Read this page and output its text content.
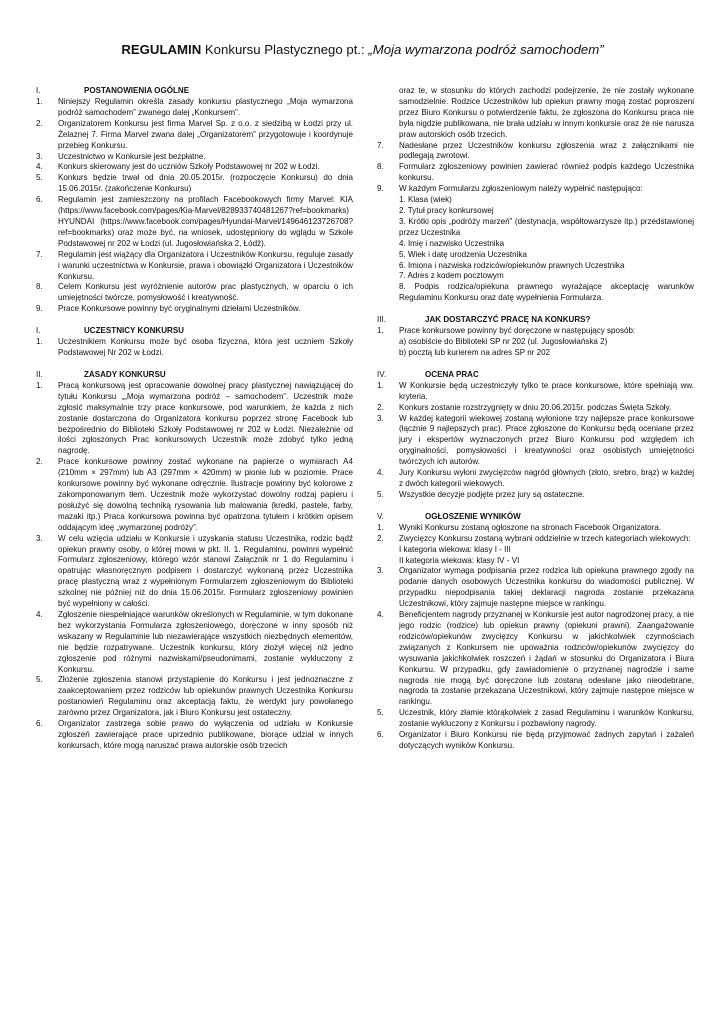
REGULAMIN Konkursu Plastycznego pt.: „Moja wymarzona podróż samochodem”
I.	POSTANOWIENIA OGÓLNE
1. Niniejszy Regulamin określa zasady konkursu plastycznego „Moja wymarzona podróż samochodem” zwanego dalej „Konkursem”.
2. Organizatorem Konkursu jest firma Marvel Sp. z o.o. z siedzibą w Łodzi przy ul. Żelaznej 7. Firma Marvel zwana dalej „Organizatorem” przygotowuje i koordynuje przebieg Konkursu.
3. Uczestnictwo w Konkursie jest bezpłatne.
4. Konkurs skierowany jest do uczniów Szkoły Podstawowej nr 202 w Łodzi.
5. Konkurs będzie trwał od dnia 20.05.2015r. (rozpoczęcie Konkursu) do dnia 15.06.2015r. (zakończenie Konkursu)
6. Regulamin jest zamieszczony na profilach Facebookowych firmy Marvel: KIA (https://www.facebook.com/pages/Kia-Marvel/828933740481267?ref=bookmarks) HYUNDAI (https://www.facebook.com/pages/Hyundai-Marvel/149646123726708?ref=bookmarks) oraz może być, na wniosek, udostępniony do wglądu w Szkole Podstawowej nr 202 w Łodzi (ul. Jugosłowiańska 2, Łódź).
7. Regulamin jest wiążący dla Organizatora i Uczestników Konkursu, reguluje zasady i warunki uczestnictwa w Konkursie, prawa i obowiązki Organizatora i Uczestników Konkursu.
8. Celem Konkursu jest wyróżnienie autorów prac plastycznych, w oparciu o ich umiejętności twórcze, pomysłowość i kreatywność.
9. Prace Konkursowe powinny być oryginalnymi dziełami Uczestników.
I.	UCZESTNICY KONKURSU
1. Uczestnikiem Konkursu może być osoba fizyczna, która jest uczniem Szkoły Podstawowej Nr 202 w Łodzi.
II.	ZASADY KONKURSU
1. Pracą konkursową jest opracowanie dowolnej pracy plastycznej nawiązującej do tytułu Konkursu „„Moja wymarzona podróż – samochodem”. Uczestnik może zgłosić maksymalnie trzy prace konkursowe, pod warunkiem, że każda z nich zostanie dostarczona do Organizatora konkursu poprzez stronę Facebook lub bezpośrednio do Biblioteki Szkoły Podstawowej nr 202 w Łodzi. Niezależnie od ilości zgłoszonych Prac konkursowych Uczestnik może zdobyć tylko jedną nagrodę.
2. Prace konkursowe powinny zostać wykonane na papierze o wymiarach A4 (210mm × 297mm) lub A3 (297mm × 420mm) w pionie lub w poziomie. Prace konkursowe powinny być wykonane odręcznie. Ilustracje powinny być kolorowe z zakomponowanym tłem. Uczestnik może wykorzystać dowolny rodzaj papieru i posłużyć się dowolną techniką rysowania lub malowania (kredki, pastele, farby, mazaki itp.) Praca konkursowa powinna być opatrzona tytułem i krótkim opisem oddającym ideę „wymarzonej podróży”.
3. W celu wzięcia udziału w Konkursie i uzyskania statusu Uczestnika, rodzic bądź opiekun prawny osoby, o której mowa w pkt. II. 1. Regulaminu, powinni wypełnić Formularz zgłoszeniowy, którego wzór stanowi Załącznik nr 1 do Regulaminu i opatrując własnoręcznym podpisem i dostarczyć wykonaną przez Uczestnika pracę plastyczną wraz z wypełnionym Formularzem zgłoszeniowym do Biblioteki szkolnej nie później niż do dnia 15.06.2015r. Formularz zgłoszeniowy powinien być wypełniony w całości.
4. Zgłoszenie niespełniające warunków określonych w Regulaminie, w tym dokonane bez wykorzystania Formularza zgłoszeniowego, doręczone w inny sposób niż wskazany w Regulaminie lub niezawierające wszystkich niezbędnych elementów, nie będzie rozpatrywane. Uczestnik konkursu, który złożył więcej niż jedno zgłoszenie pod różnymi nazwiskami/pseudonimami, zostanie wykluczony z Konkursu.
5. Złożenie zgłoszenia stanowi przystąpienie do Konkursu i jest jednoznaczne z zaakceptowaniem przez rodziców lub opiekunów prawnych Uczestnika Konkursu postanowień Regulaminu oraz akceptacją faktu, że werdykt jury powołanego zarówno przez Organizatora, jak i Biuro Konkursu jest ostateczny.
6. Organizator zastrzega sobie prawo do wyłączenia od udziału w Konkursie zgłoszeń zawierające prace uprzednio publikowane, biorące udział w innych konkursach, które mogą naruszać prawa autorskie osób trzecich
oraz te, w stosunku do których zachodzi podejrzenie, że nie zostały wykonane samodzielnie. Rodzice Uczestników lub opiekun prawny mogą zostać poproszeni przez Biuro Konkursu o potwierdzenie faktu, że zgłoszona do Konkursu praca nie była nigdzie publikowana, nie brała udziału w innym konkursie oraz że nie narusza praw autorskich osób trzecich.
7. Nadesłane przez Uczestników konkursu zgłoszenia wraz z załącznikami nie podlegają zwrotowi.
8. Formularz zgłoszeniowy powinien zawierać również podpis każdego Uczestnika konkursu.
9. W każdym Formularzu zgłoszeniowym należy wypełnić następująco:
1. Klasa (wiek)
2. Tytuł pracy konkursowej
3. Krótki opis „podróży marzeń” (destynacja, współtowarzysze itp.) przedstawionej przez Uczestnika
4. Imię i nazwisko Uczestnika
5. Wiek i datę urodzenia Uczestnika
6. Imiona i nazwiska rodziców/opiekunów prawnych Uczestnika
7. Adres z kodem pocztowym
8. Podpis rodzica/opiekuna prawnego wyrażające akceptację warunków Regulaminu Konkursu oraz datę wypełnienia Formularza.
III.	JAK DOSTARCZYĆ PRACĘ NA KONKURS?
1. Prace konkursowe powinny być doręczone w następujący sposób:
a) osobiście do Biblioteki SP nr 202 (ul. Jugosłowiańska 2)
b) pocztą lub kurierem na adres SP nr 202
IV.	OCENA PRAC
1. W Konkursie będą uczestniczyły tylko te prace konkursowe, które spełniają ww. kryteria.
2. Konkurs zostanie rozstrzygnięty w dniu 20.06.2015r. podczas Święta Szkoły.
3. W każdej kategorii wiekowej zostaną wyłonione trzy najlepsze prace konkursowe (łącznie 9 najlepszych prac). Prace zgłoszone do Konkursu będą oceniane przez jury i ekspertów wyznaczonych przez Biuro Konkursu pod względem ich oryginalności, pomysłowości i kreatywności oraz osobistych umiejętności twórczych ich autorów.
4. Jury Konkursu wyłoni zwycięzców nagród głównych (złoto, srebro, brąz) w każdej z dwóch kategorii wiekowych.
5. Wszystkie decyzje podjęte przez jury są ostateczne.
V.	OGŁOSZENIE WYNIKÓW
1. Wyniki Konkursu zostaną ogłoszone na stronach Facebook Organizatora.
2. Zwycięzcy Konkursu zostaną wybrani oddzielnie w trzech kategoriach wiekowych:
I kategoria wiekowa: klasy I - III
II kategoria wiekowa: klasy IV - VI
3. Organizator wymaga podpisania przez rodzica lub opiekuna prawnego zgody na podanie danych osobowych Uczestnika konkursu do wiadomości publicznej. W przypadku niepodpisania takiej deklaracji nagroda zostanie przekazana Uczestnikowi, który zajmuje następne miejsce w rankingu.
4. Beneficjentem nagrody przyznanej w Konkursie jest autor nagrodzonej pracy, a nie jego rodzic (rodzice) lub opiekun prawny (opiekuni prawni). Zaangażowanie rodziców/opiekunów zwycięzcy Konkursu w jakichkolwiek czynnościach związanych z Konkursem nie upoważnia rodziców/opiekunów zwycięzcy do wysuwania jakichkolwiek roszczeń i żądań w stosunku do Organizatora i Biura Konkursu. W przypadku, gdy zawiadomienie o przyznanej nagrodzie i same nagroda nie mogą być doręczone lub zostaną odesłane jako nieodebrane, nagroda ta zostanie przekazana Uczestnikowi, który zajmuje następne miejsce w rankingu.
5. Uczestnik, który złamie którąkolwiek z zasad Regulaminu i warunków Konkursu, zostanie wykluczony z Konkursu i pozbawiony nagrody.
6. Organizator i Biuro Konkursu nie będą przyjmować żadnych zapytań i zażaleń dotyczących wyników Konkursu.
